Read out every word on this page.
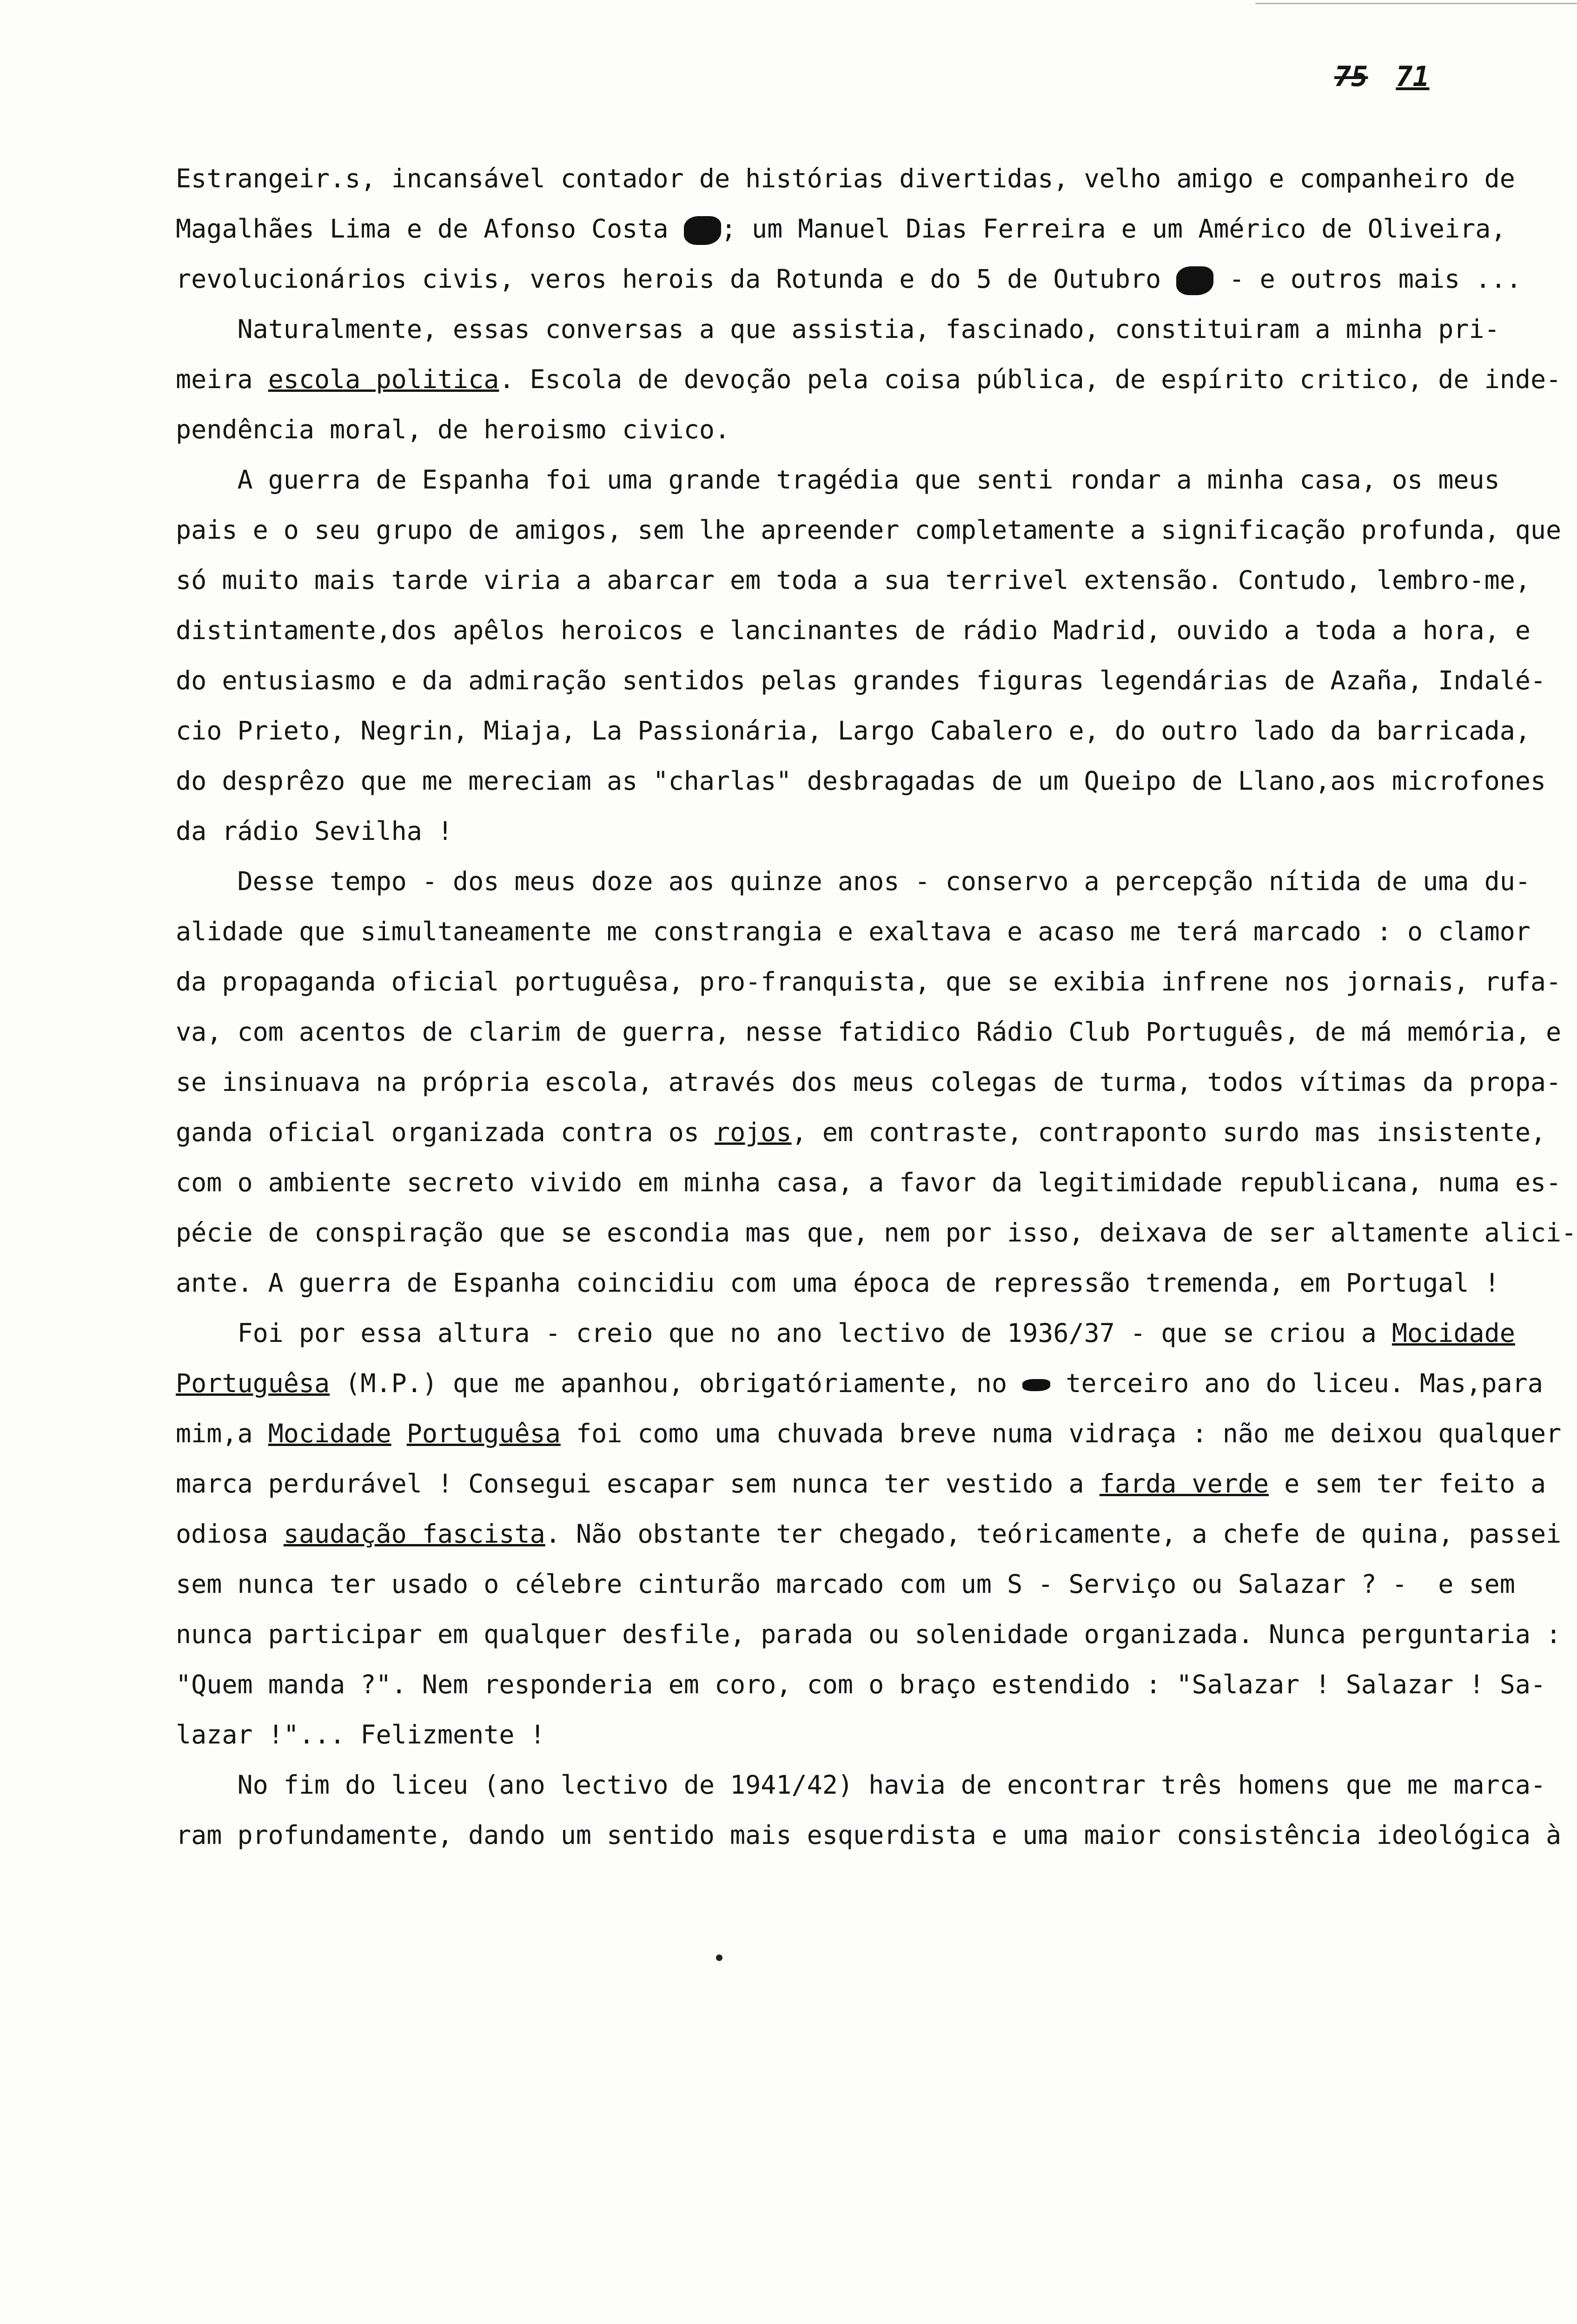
75 71
Estrangeir.s, incansável contador de histórias divertidas, velho amigo e companheiro de
Magalhães Lima e de Afonso Costa ; um Manuel Dias Ferreira e um Américo de Oliveira,
revolucionários civis, veros herois da Rotunda e do 5 de Outubro  - e outros mais ...
Naturalmente, essas conversas a que assistia, fascinado, constituiram a minha pri-
meira escola politica. Escola de devoção pela coisa pública, de espírito critico, de inde-
pendência moral, de heroismo civico.
A guerra de Espanha foi uma grande tragédia que senti rondar a minha casa, os meus
pais e o seu grupo de amigos, sem lhe apreender completamente a significação profunda, que
só muito mais tarde viria a abarcar em toda a sua terrivel extensão. Contudo, lembro-me,
distintamente,dos apêlos heroicos e lancinantes de rádio Madrid, ouvido a toda a hora, e
do entusiasmo e da admiração sentidos pelas grandes figuras legendárias de Azaña, Indalé-
cio Prieto, Negrin, Miaja, La Passionária, Largo Cabalero e, do outro lado da barricada,
do desprêzo que me mereciam as "charlas" desbragadas de um Queipo de Llano,aos microfones
da rádio Sevilha !
Desse tempo - dos meus doze aos quinze anos - conservo a percepção nítida de uma du-
alidade que simultaneamente me constrangia e exaltava e acaso me terá marcado : o clamor
da propaganda oficial portuguêsa, pro-franquista, que se exibia infrene nos jornais, rufa-
va, com acentos de clarim de guerra, nesse fatidico Rádio Club Português, de má memória, e
se insinuava na própria escola, através dos meus colegas de turma, todos vítimas da propa-
ganda oficial organizada contra os rojos, em contraste, contraponto surdo mas insistente,
com o ambiente secreto vivido em minha casa, a favor da legitimidade republicana, numa es-
pécie de conspiração que se escondia mas que, nem por isso, deixava de ser altamente alici-
ante. A guerra de Espanha coincidiu com uma época de repressão tremenda, em Portugal !
Foi por essa altura - creio que no ano lectivo de 1936/37 - que se criou a Mocidade
Portuguêsa (M.P.) que me apanhou, obrigatóriamente, no  terceiro ano do liceu. Mas,para
mim,a Mocidade Portuguêsa foi como uma chuvada breve numa vidraça : não me deixou qualquer
marca perdurável ! Consegui escapar sem nunca ter vestido a farda verde e sem ter feito a
odiosa saudação fascista. Não obstante ter chegado, teóricamente, a chefe de quina, passei
sem nunca ter usado o célebre cinturão marcado com um S - Serviço ou Salazar ? -  e sem
nunca participar em qualquer desfile, parada ou solenidade organizada. Nunca perguntaria :
"Quem manda ?". Nem responderia em coro, com o braço estendido : "Salazar ! Salazar ! Sa-
lazar !"... Felizmente !
No fim do liceu (ano lectivo de 1941/42) havia de encontrar três homens que me marca-
ram profundamente, dando um sentido mais esquerdista e uma maior consistência ideológica à
